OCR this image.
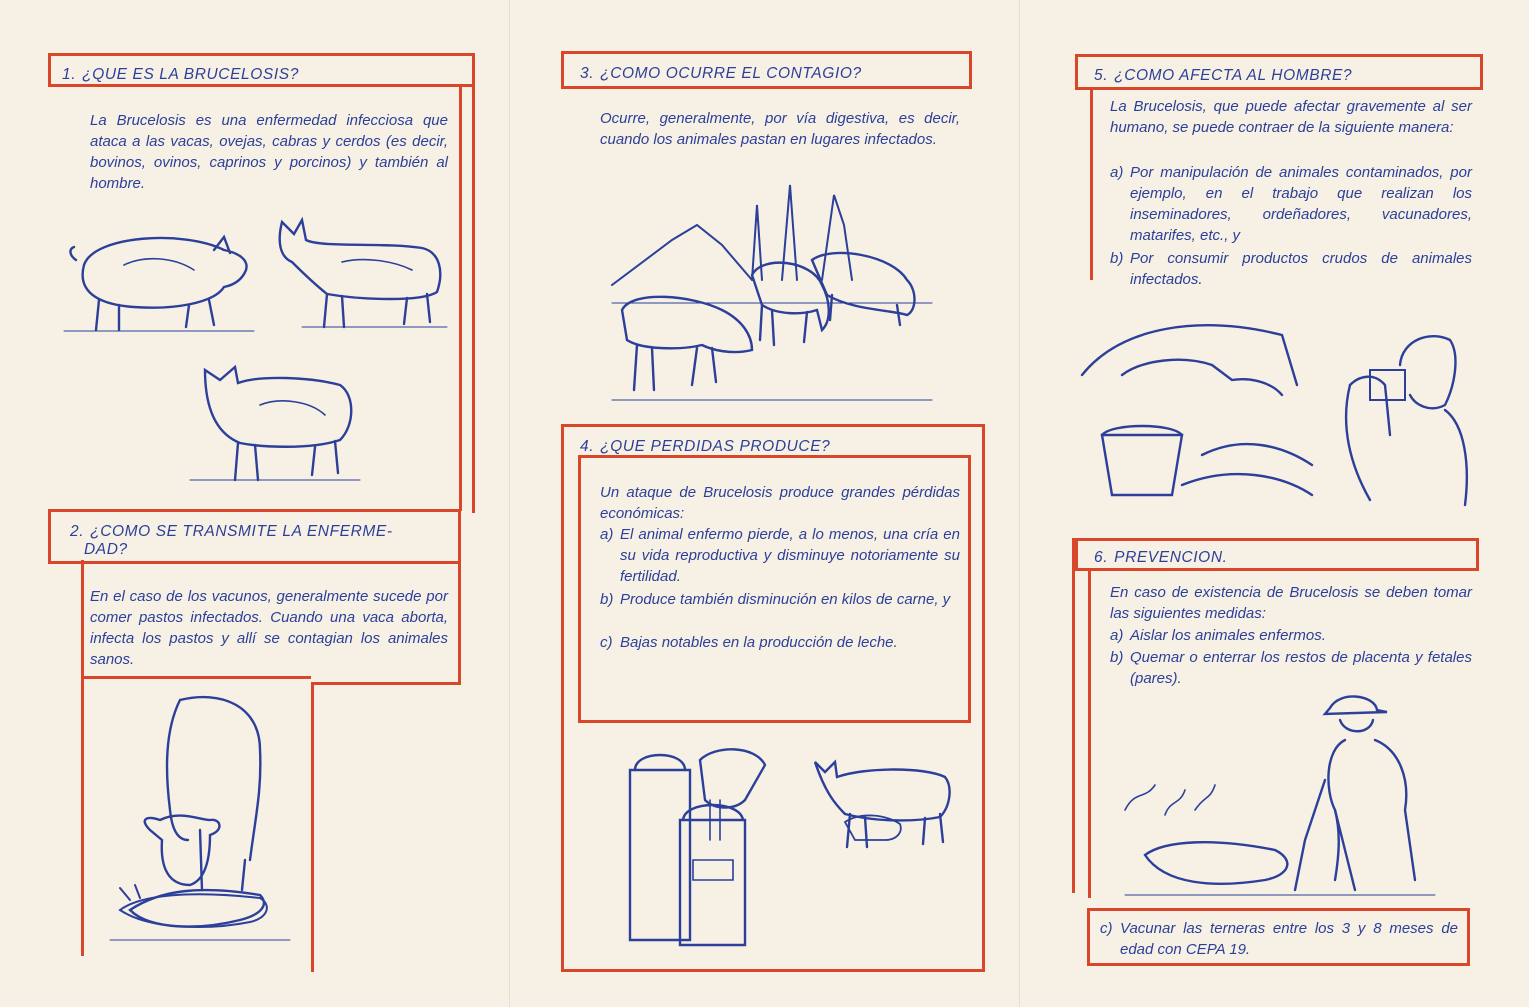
1. ¿QUE ES LA BRUCELOSIS?

La Brucelosis es una enfermedad infecciosa que ataca a las vacas, ovejas, cabras y cerdos (es decir, bovinos, ovinos, caprinos y porcinos) y también al hombre.

2. ¿COMO SE TRANSMITE LA ENFERME-
DAD?

En el caso de los vacunos, generalmente sucede por comer pastos infectados. Cuando una vaca aborta, infecta los pastos y allí se contagian los animales sanos.

3. ¿COMO OCURRE EL CONTAGIO?

Ocurre, generalmente, por vía digestiva, es decir, cuando los animales pastan en lugares infectados.

4. ¿QUE PERDIDAS PRODUCE?

Un ataque de Brucelosis produce grandes pérdidas económicas:

a) El animal enfermo pierde, a lo menos, una cría en su vida reproductiva y disminuye notoriamente su fertilidad.
b) Produce también disminución en kilos de carne, y
c) Bajas notables en la producción de leche.
5. ¿COMO AFECTA AL HOMBRE?

La Brucelosis, que puede afectar gravemente al ser humano, se puede contraer de la siguiente manera:

a) Por manipulación de animales contaminados, por ejemplo, en el trabajo que realizan los inseminadores, ordeñadores, vacunadores, matarifes, etc., y
b) Por consumir productos crudos de animales infectados.
6. PREVENCION.

En caso de existencia de Brucelosis se deben tomar las siguientes medidas:

a) Aislar los animales enfermos.
b) Quemar o enterrar los restos de placenta y fetales (pares).
c) Vacunar las terneras entre los 3 y 8 meses de edad con CEPA 19.
